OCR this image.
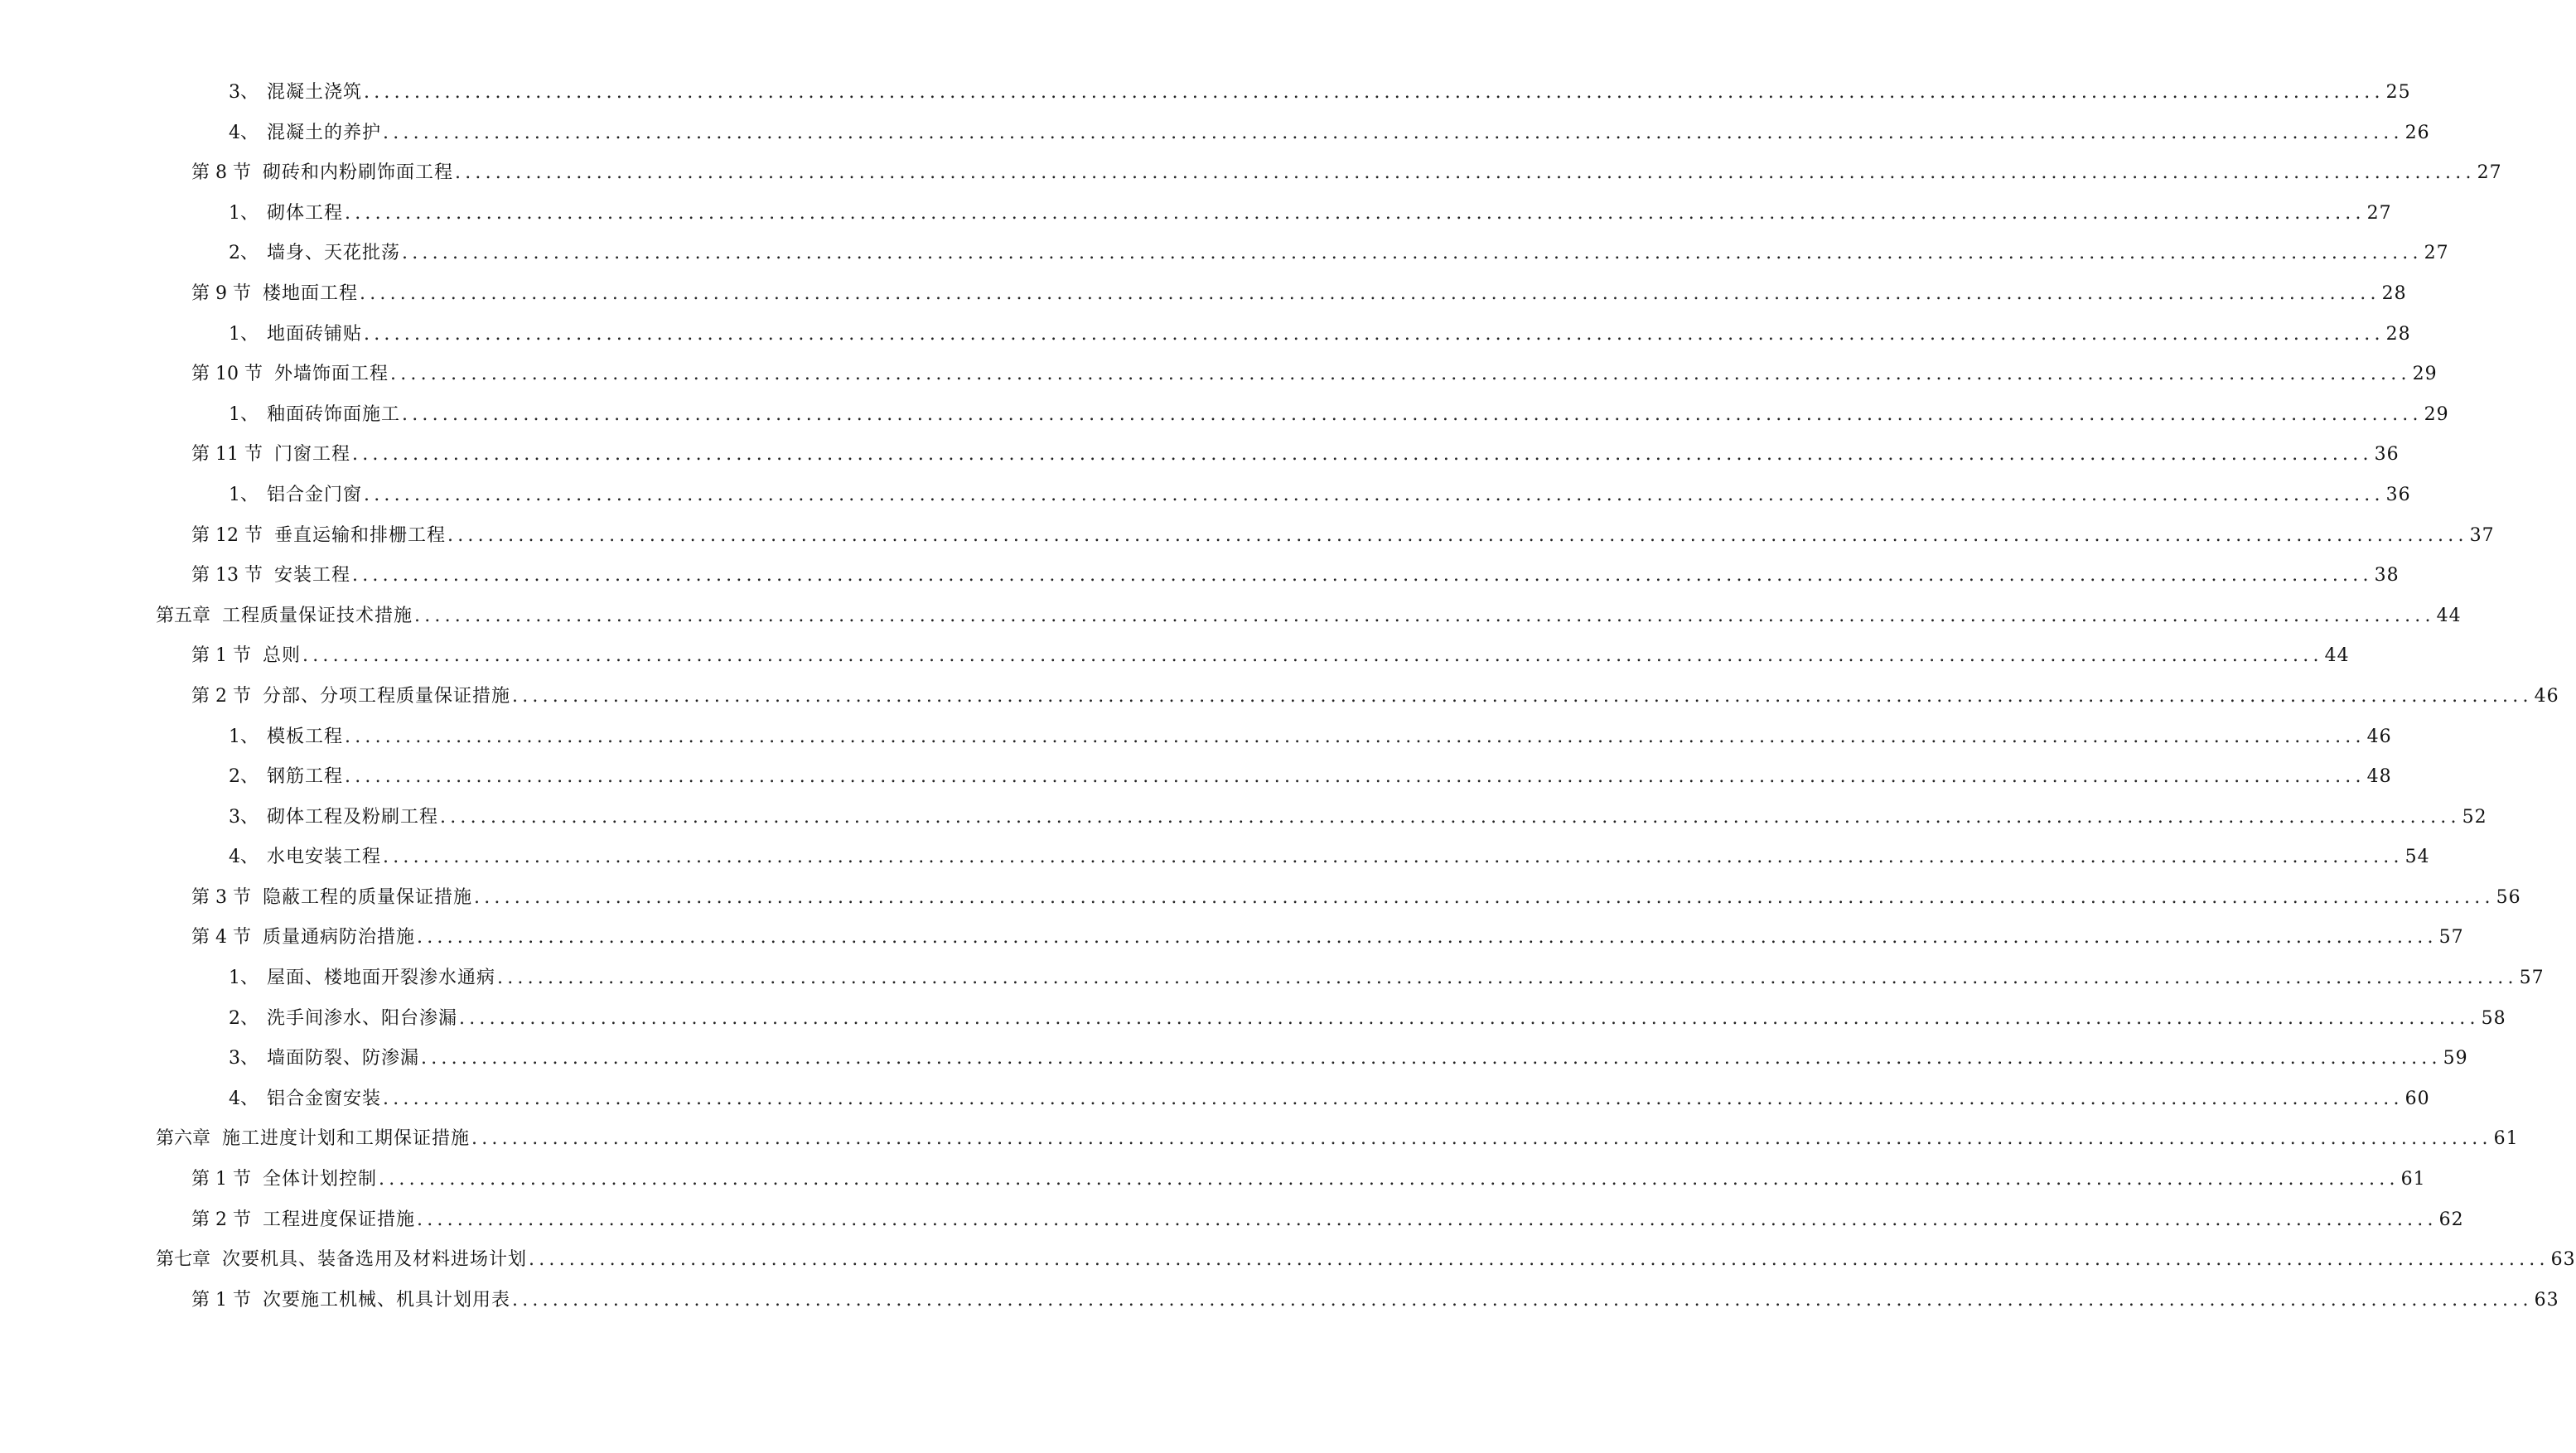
3、 混凝土浇筑 ........................................................................................................................................................................................................ 25
4、 混凝土的养护 ........................................................................................................................................................................................................ 26
第 8 节 砌砖和内粉刷饰面工程 ........................................................................................................................................................................................................ 27
1、 砌体工程 ........................................................................................................................................................................................................ 27
2、 墙身、天花批荡 ........................................................................................................................................................................................................ 27
第 9 节 楼地面工程 ........................................................................................................................................................................................................ 28
1、 地面砖铺贴 ........................................................................................................................................................................................................ 28
第 10 节 外墙饰面工程 ........................................................................................................................................................................................................ 29
1、 釉面砖饰面施工 ........................................................................................................................................................................................................ 29
第 11 节 门窗工程 ........................................................................................................................................................................................................ 36
1、 铝合金门窗 ........................................................................................................................................................................................................ 36
第 12 节 垂直运输和排栅工程 ........................................................................................................................................................................................................ 37
第 13 节 安装工程 ........................................................................................................................................................................................................ 38
第五章 工程质量保证技术措施 ........................................................................................................................................................................................................ 44
第 1 节 总则 ........................................................................................................................................................................................................ 44
第 2 节 分部、分项工程质量保证措施 ........................................................................................................................................................................................................ 46
1、 模板工程 ........................................................................................................................................................................................................ 46
2、 钢筋工程 ........................................................................................................................................................................................................ 48
3、 砌体工程及粉刷工程 ........................................................................................................................................................................................................ 52
4、 水电安装工程 ........................................................................................................................................................................................................ 54
第 3 节 隐蔽工程的质量保证措施 ........................................................................................................................................................................................................ 56
第 4 节 质量通病防治措施 ........................................................................................................................................................................................................ 57
1、 屋面、楼地面开裂渗水通病 ........................................................................................................................................................................................................ 57
2、 洗手间渗水、阳台渗漏 ........................................................................................................................................................................................................ 58
3、 墙面防裂、防渗漏 ........................................................................................................................................................................................................ 59
4、 铝合金窗安装 ........................................................................................................................................................................................................ 60
第六章 施工进度计划和工期保证措施 ........................................................................................................................................................................................................ 61
第 1 节 全体计划控制 ........................................................................................................................................................................................................ 61
第 2 节 工程进度保证措施 ........................................................................................................................................................................................................ 62
第七章 次要机具、装备选用及材料进场计划 ........................................................................................................................................................................................................ 63
第 1 节 次要施工机械、机具计划用表 ........................................................................................................................................................................................................ 63
